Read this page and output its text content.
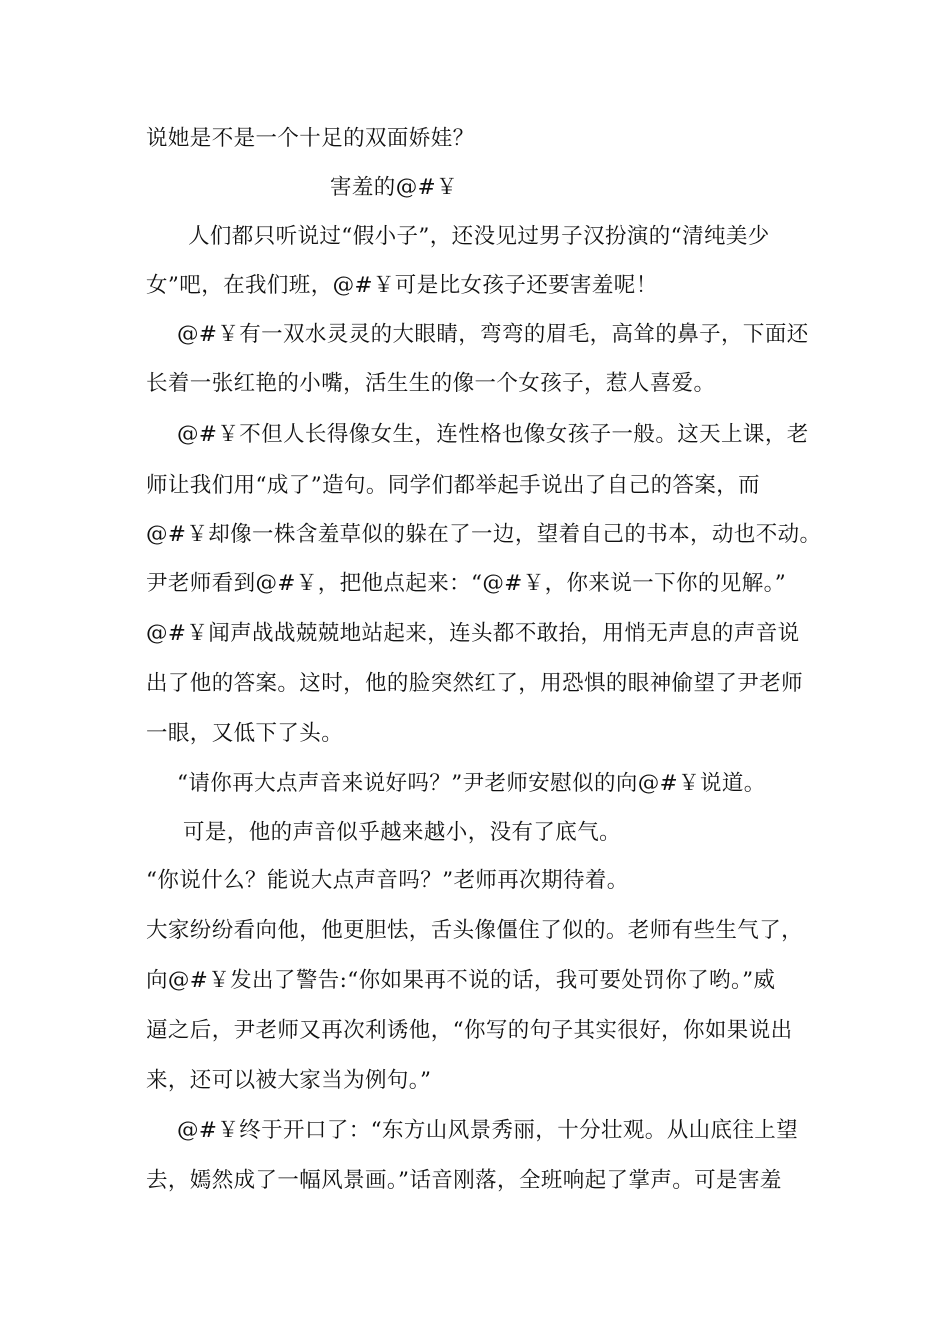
说她是不是一个十足的双面娇娃？
害羞的@#￥
人们都只听说过“假小子”，还没见过男子汉扮演的“清纯美少
女”吧，在我们班，@#￥可是比女孩子还要害羞呢！
@#￥有一双水灵灵的大眼睛，弯弯的眉毛，高耸的鼻子，下面还
长着一张红艳的小嘴，活生生的像一个女孩子，惹人喜爱。
@#￥不但人长得像女生，连性格也像女孩子一般。这天上课，老
师让我们用“成了”造句。同学们都举起手说出了自己的答案，而
@#￥却像一株含羞草似的躲在了一边，望着自己的书本，动也不动。
尹老师看到@#￥，把他点起来：“@#￥，你来说一下你的见解。”
@#￥闻声战战兢兢地站起来，连头都不敢抬，用悄无声息的声音说
出了他的答案。这时，他的脸突然红了，用恐惧的眼神偷望了尹老师
一眼，又低下了头。
“请你再大点声音来说好吗？”尹老师安慰似的向@#￥说道。
可是，他的声音似乎越来越小，没有了底气。
“你说什么？能说大点声音吗？”老师再次期待着。
大家纷纷看向他，他更胆怯，舌头像僵住了似的。老师有些生气了，
向@#￥发出了警告:“你如果再不说的话，我可要处罚你了哟。”威
逼之后，尹老师又再次利诱他，“你写的句子其实很好，你如果说出
来，还可以被大家当为例句。”
@#￥终于开口了：“东方山风景秀丽，十分壮观。从山底往上望
去，嫣然成了一幅风景画。”话音刚落，全班响起了掌声。可是害羞
